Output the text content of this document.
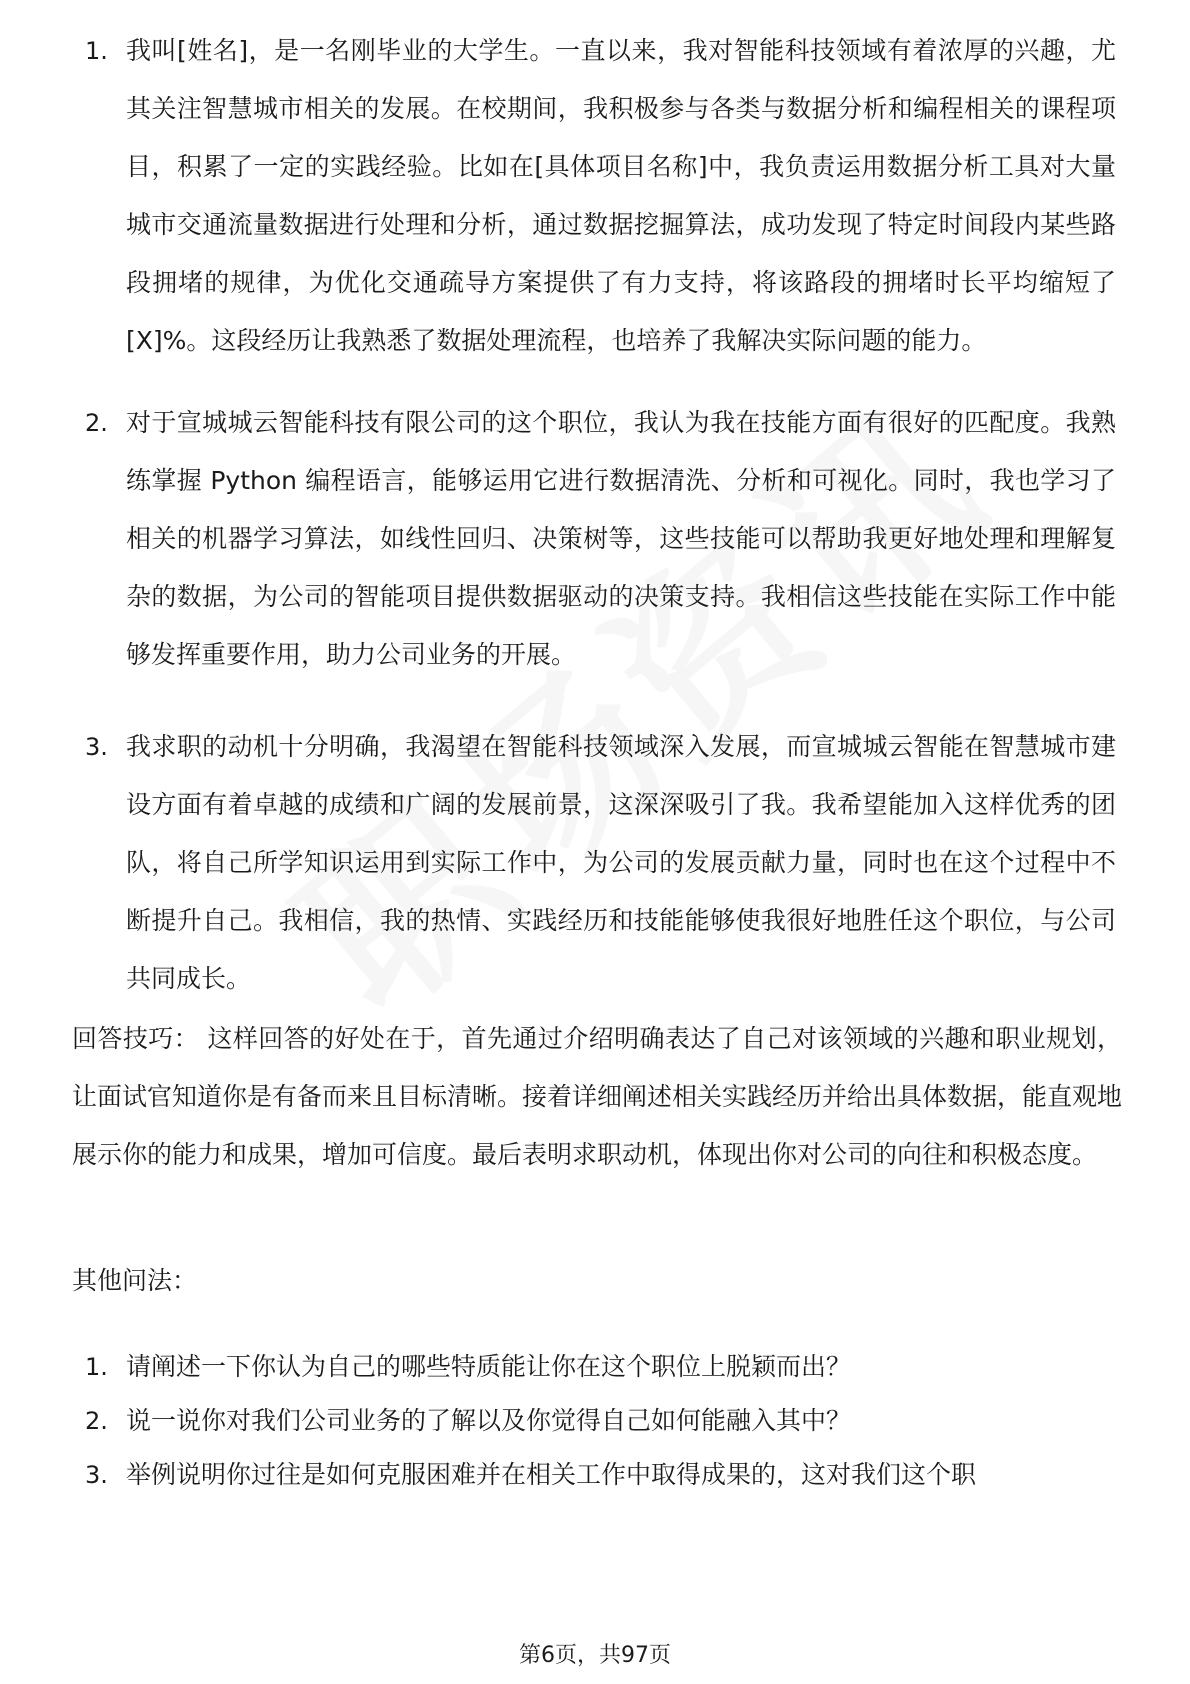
1. 我叫[姓名]，是一名刚毕业的大学生。一直以来，我对智能科技领域有着浓厚的兴趣，尤其关注智慧城市相关的发展。在校期间，我积极参与各类与数据分析和编程相关的课程项目，积累了一定的实践经验。比如在[具体项目名称]中，我负责运用数据分析工具对大量城市交通流量数据进行处理和分析，通过数据挖掘算法，成功发现了特定时间段内某些路段拥堵的规律，为优化交通疏导方案提供了有力支持，将该路段的拥堵时长平均缩短了[X]%。这段经历让我熟悉了数据处理流程，也培养了我解决实际问题的能力。
2. 对于宣城城云智能科技有限公司的这个职位，我认为我在技能方面有很好的匹配度。我熟练掌握 Python 编程语言，能够运用它进行数据清洗、分析和可视化。同时，我也学习了相关的机器学习算法，如线性回归、决策树等，这些技能可以帮助我更好地处理和理解复杂的数据，为公司的智能项目提供数据驱动的决策支持。我相信这些技能在实际工作中能够发挥重要作用，助力公司业务的开展。
3. 我求职的动机十分明确，我渴望在智能科技领域深入发展，而宣城城云智能在智慧城市建设方面有着卓越的成绩和广阔的发展前景，这深深吸引了我。我希望能加入这样优秀的团队，将自己所学知识运用到实际工作中，为公司的发展贡献力量，同时也在这个过程中不断提升自己。我相信，我的热情、实践经历和技能能够使我很好地胜任这个职位，与公司共同成长。
回答技巧： 这样回答的好处在于，首先通过介绍明确表达了自己对该领域的兴趣和职业规划，让面试官知道你是有备而来且目标清晰。接着详细阐述相关实践经历并给出具体数据，能直观地展示你的能力和成果，增加可信度。最后表明求职动机，体现出你对公司的向往和积极态度。
其他问法：
1. 请阐述一下你认为自己的哪些特质能让你在这个职位上脱颖而出？
2. 说一说你对我们公司业务的了解以及你觉得自己如何能融入其中？
3. 举例说明你过往是如何克服困难并在相关工作中取得成果的，这对我们这个职
第6页，共97页
